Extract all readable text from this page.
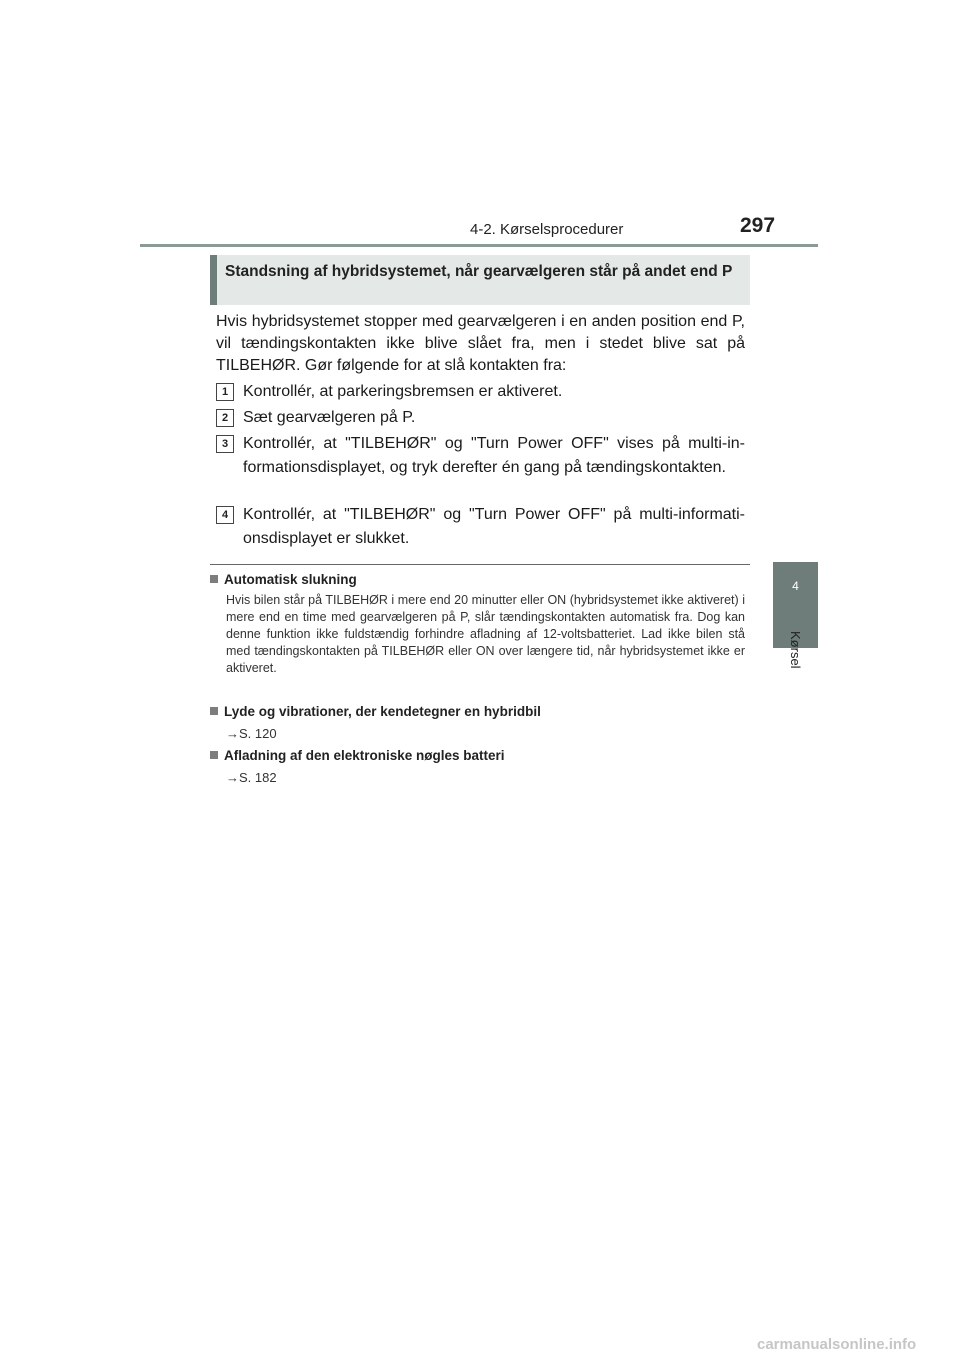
4-2. Kørselsprocedurer	297
4
Kørsel
Standsning af hybridsystemet, når gearvælgeren står på andet end P

Hvis hybridsystemet stopper med gearvælgeren i en anden position end P, vil tændingskontakten ikke blive slået fra, men i stedet blive sat på TILBEHØR. Gør følgende for at slå kontakten fra:

1 Kontrollér, at parkeringsbremsen er aktiveret.

2 Sæt gearvælgeren på P.

3 Kontrollér, at "TILBEHØR" og "Turn Power OFF" vises på multi-informationsdisplayet, og tryk derefter én gang på tændingskontakten.

4 Kontrollér, at "TILBEHØR" og "Turn Power OFF" på multi-informationsdisplayet er slukket.

Automatisk slukning
Hvis bilen står på TILBEHØR i mere end 20 minutter eller ON (hybridsystemet ikke aktiveret) i mere end en time med gearvælgeren på P, slår tændingskontakten automatisk fra. Dog kan denne funktion ikke fuldstændig forhindre afladning af 12-voltsbatteriet. Lad ikke bilen stå med tændingskontakten på TILBEHØR eller ON over længere tid, når hybridsystemet ikke er aktiveret.
Lyde og vibrationer, der kendetegner en hybridbil
→S. 120
Afladning af den elektroniske nøgles batteri
→S. 182
carmanualsonline.info
